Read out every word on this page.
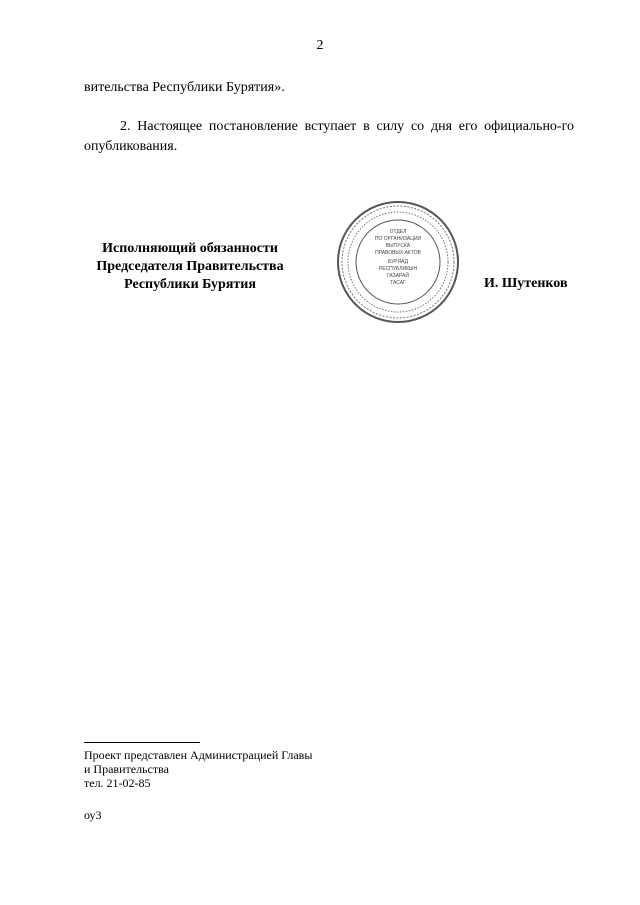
2
вительства Республики Бурятия».
2. Настоящее постановление вступает в силу со дня его официально-го опубликования.
Исполняющий обязанности
Председателя Правительства
Республики Бурятия
ОТДЕЛ
ПО ОРГАНИЗАЦИИ
ВЫПУСКА
ПРАВОВЫХ АКТОВ
БУРЯАД
РЕСПУБЛИКЫН
ГАЗАРАЙ
ТАСАГ	И. Шутенков
Проект представлен Администрацией Главы
и Правительства
тел. 21-02-85
оу3
